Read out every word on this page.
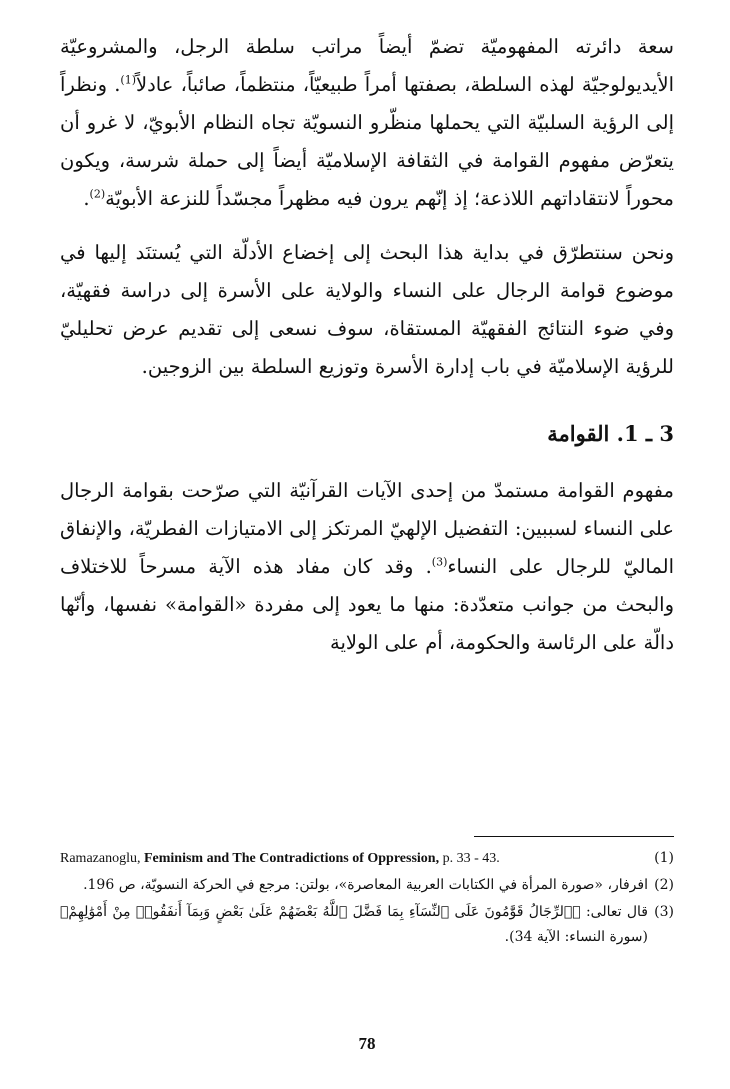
سعة دائرته المفهوميّة تضمّ أيضاً مراتب سلطة الرجل، والمشروعيّة الأيديولوجيّة لهذه السلطة، بصفتها أمراً طبيعيّاً، منتظماً، صائباً، عادلاً$^{(1)}$. ونظراً إلى الرؤية السلبيّة التي يحملها منظّرو النسويّة تجاه النظام الأبويّ، لا غرو أن يتعرّض مفهوم القوامة في الثقافة الإسلاميّة أيضاً إلى حملة شرسة، ويكون محوراً لانتقاداتهم اللاذعة؛ إذ إنّهم يرون فيه مظهراً مجسّداً للنزعة الأبويّة$^{(2)}$.

ونحن سنتطرّق في بداية هذا البحث إلى إخضاع الأدلّة التي يُستنَد إليها في موضوع قوامة الرجال على النساء والولاية على الأسرة إلى دراسة فقهيّة، وفي ضوء النتائج الفقهيّة المستقاة، سوف نسعى إلى تقديم عرض تحليليّ للرؤية الإسلاميّة في باب إدارة الأسرة وتوزيع السلطة بين الزوجين.

3 ـ 1. القوامة

مفهوم القوامة مستمدّ من إحدى الآيات القرآنيّة التي صرّحت بقوامة الرجال على النساء لسببين: التفضيل الإلهيّ المرتكز إلى الامتيازات الفطريّة، والإنفاق الماليّ للرجال على النساء$^{(3)}$. وقد كان مفاد هذه الآية مسرحاً للاختلاف والبحث من جوانب متعدّدة: منها ما يعود إلى مفردة «القوامة» نفسها، وأنّها دالّة على الرئاسة والحكومة، أم على الولاية

(1)
Ramazanoglu, Feminism and The Contradictions of Oppression, p. 33 - 43.
(2)
افرفار، «صورة المرأة في الكتابات العربية المعاصرة»، بولتن: مرجع في الحركة النسويّة، ص 196.
(3)
قال تعالى: ﴿ٱلرِّجَالُ قَوَّٰمُونَ عَلَى ٱلنِّسَآءِ بِمَا فَضَّلَ ٱللَّهُ بَعْضَهُمْ عَلَىٰ بَعْضٍ وَبِمَآ أَنفَقُوا۟ مِنْ أَمْوَٰلِهِمْ﴾ (سورة النساء: الآية 34).
78
